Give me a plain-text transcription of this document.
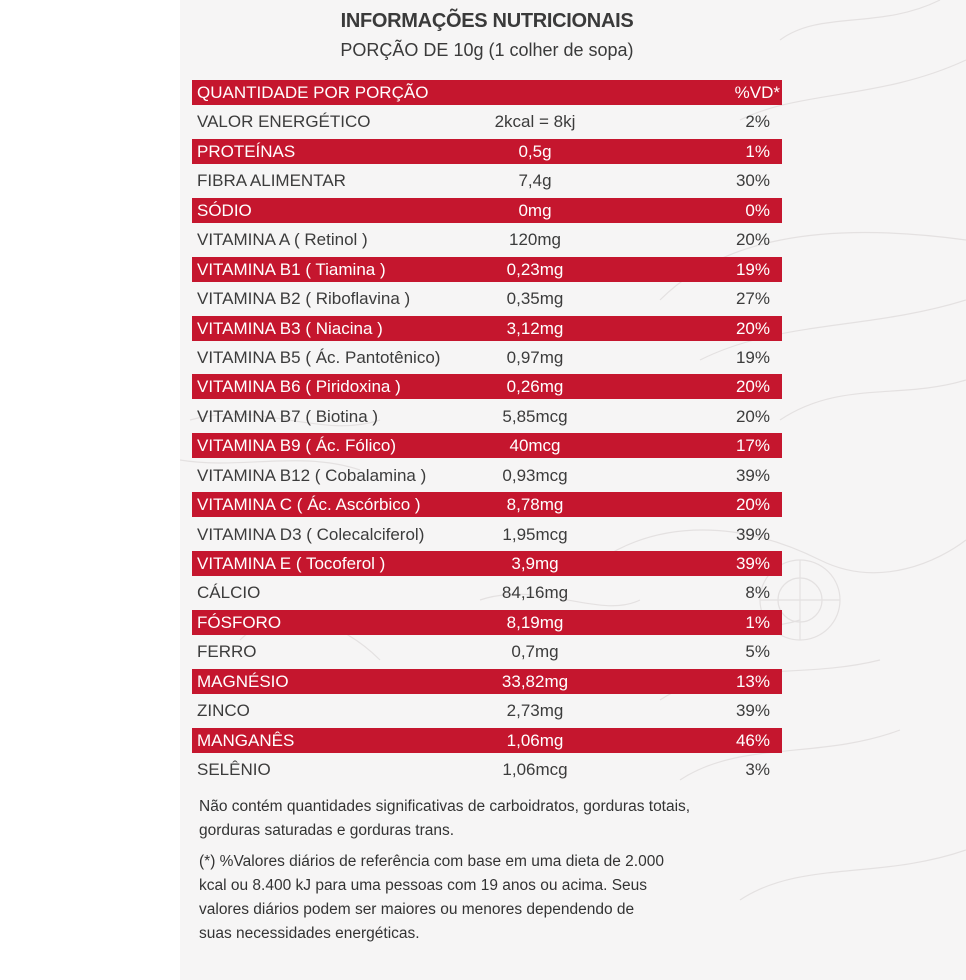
INFORMAÇÕES NUTRICIONAIS
PORÇÃO DE 10g (1 colher de sopa)
QUANTIDADE POR PORÇÃO	%VD*
VALOR ENERGÉTICO	2kcal = 8kj	2%
PROTEÍNAS	0,5g	1%
FIBRA ALIMENTAR	7,4g	30%
SÓDIO	0mg	0%
VITAMINA A ( Retinol )	120mg	20%
VITAMINA B1 ( Tiamina )	0,23mg	19%
VITAMINA B2 ( Riboflavina )	0,35mg	27%
VITAMINA B3 ( Niacina )	3,12mg	20%
VITAMINA B5 ( Ác. Pantotênico)	0,97mg	19%
VITAMINA B6 ( Piridoxina )	0,26mg	20%
VITAMINA B7 ( Biotina )	5,85mcg	20%
VITAMINA B9 ( Ác. Fólico)	40mcg	17%
VITAMINA B12 ( Cobalamina )	0,93mcg	39%
VITAMINA C ( Ác. Ascórbico )	8,78mg	20%
VITAMINA D3 ( Colecalciferol)	1,95mcg	39%
VITAMINA E ( Tocoferol )	3,9mg	39%
CÁLCIO	84,16mg	8%
FÓSFORO	8,19mg	1%
FERRO	0,7mg	5%
MAGNÉSIO	33,82mg	13%
ZINCO	2,73mg	39%
MANGANÊS	1,06mg	46%
SELÊNIO	1,06mcg	3%

Não contém quantidades significativas de carboidratos, gorduras totais,
gorduras saturadas e gorduras trans.

(*) %Valores diários de referência com base em uma dieta de 2.000
kcal ou 8.400 kJ para uma pessoas com 19 anos ou acima. Seus
valores diários podem ser maiores ou menores dependendo de
suas necessidades energéticas.
